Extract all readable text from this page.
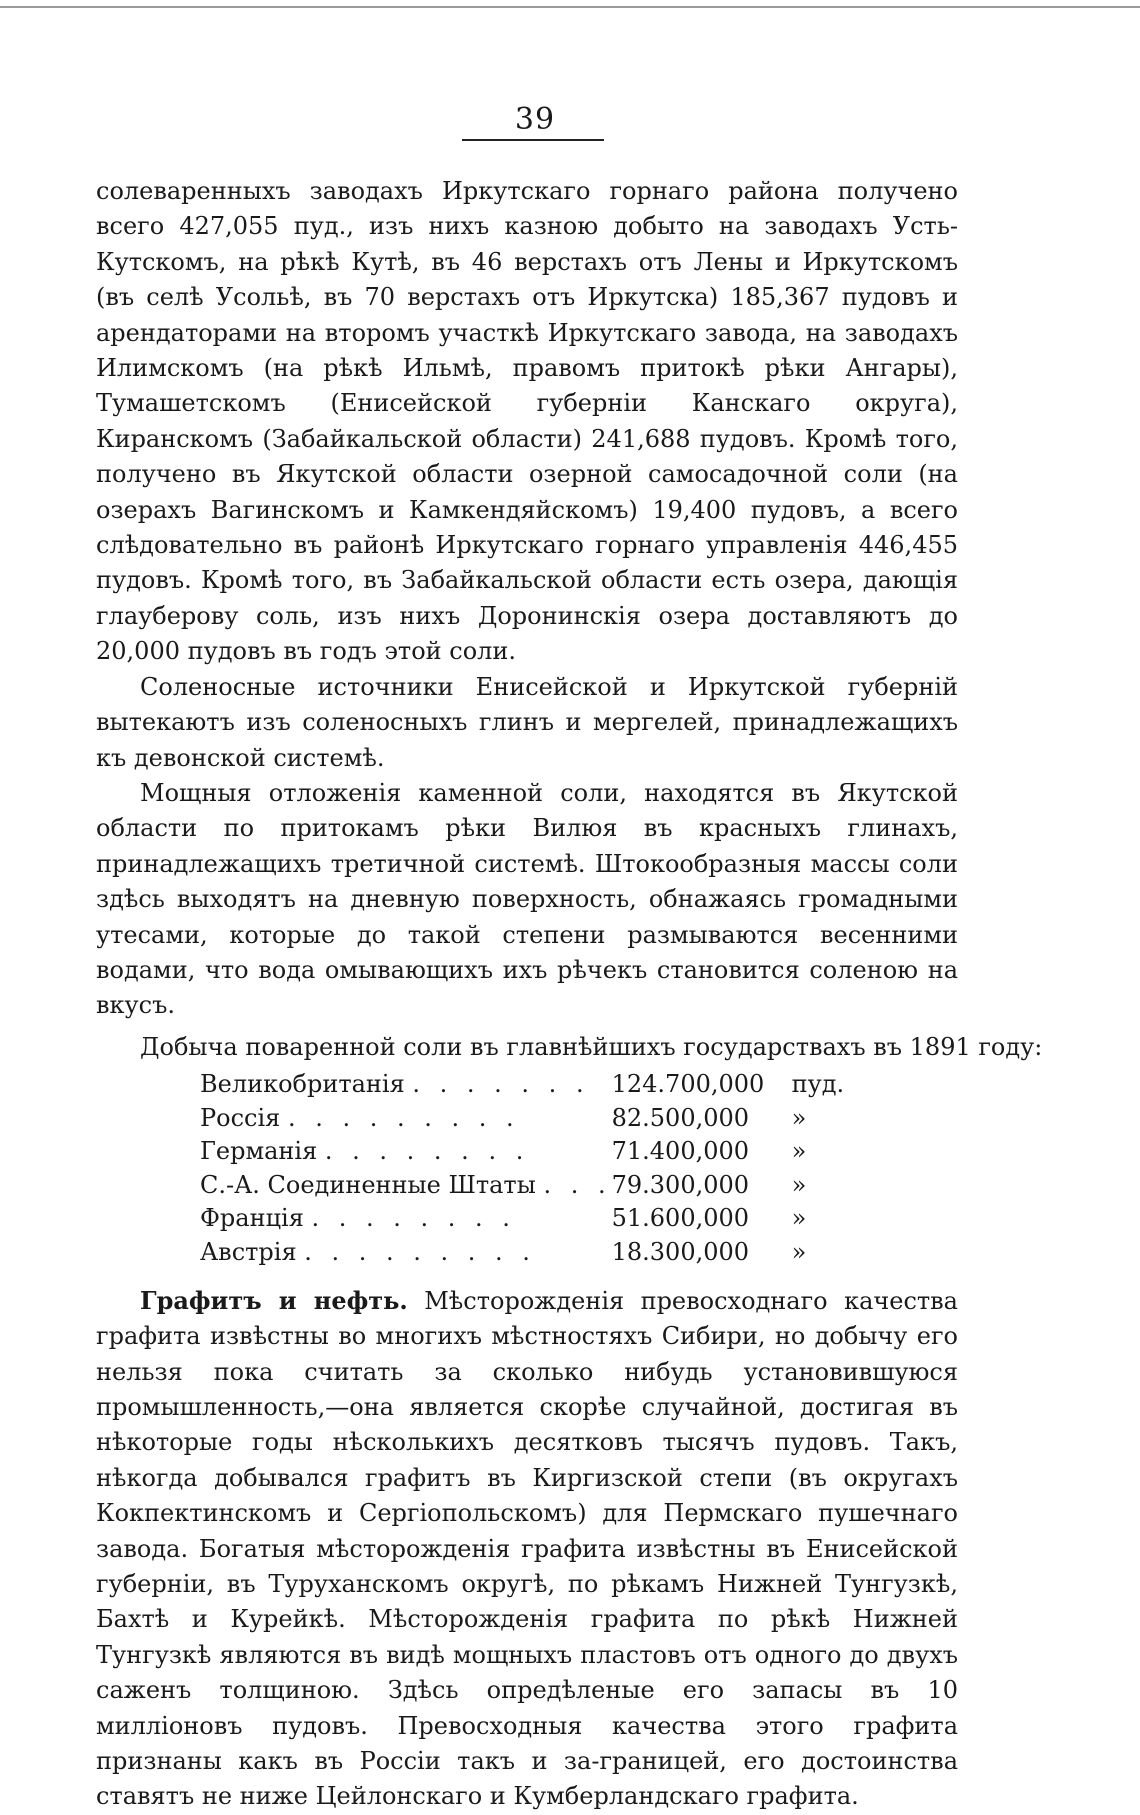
39

солеваренныхъ заводахъ Иркутскаго горнаго района получено всего 427,055 пуд., изъ нихъ казною добыто на заводахъ Усть-Кутскомъ, на рѣкѣ Кутѣ, въ 46 верстахъ отъ Лены и Иркутскомъ (въ селѣ Усольѣ, въ 70 верстахъ отъ Иркутска) 185,367 пудовъ и арендаторами на второмъ участкѣ Иркутскаго завода, на заводахъ Илимскомъ (на рѣкѣ Ильмѣ, правомъ притокѣ рѣки Ангары), Тумашетскомъ (Енисейской губерніи Канскаго округа), Киранскомъ (Забайкальской области) 241,688 пудовъ. Кромѣ того, получено въ Якутской области озерной самосадочной соли (на озерахъ Вагинскомъ и Камкендяйскомъ) 19,400 пудовъ, а всего слѣдовательно въ районѣ Иркутскаго горнаго управленія 446,455 пудовъ. Кромѣ того, въ Забайкальской области есть озера, дающія глауберову соль, изъ нихъ Доронинскія озера доставляютъ до 20,000 пудовъ въ годъ этой соли.

Соленосные источники Енисейской и Иркутской губерній вытекаютъ изъ соленосныхъ глинъ и мергелей, принадлежащихъ къ девонской системѣ.

Мощныя отложенія каменной соли, находятся въ Якутской области по притокамъ рѣки Вилюя въ красныхъ глинахъ, принадлежащихъ третичной системѣ. Штокообразныя массы соли здѣсь выходятъ на дневную поверхность, обнажаясь громадными утесами, которые до такой степени размываются весенними водами, что вода омывающихъ ихъ рѣчекъ становится соленою на вкусъ.

Добыча поваренной соли въ главнѣйшихъ государствахъ въ 1891 году:
Великобританія . . . . . . .	124.700,000	пуд.
Россія . . . . . . . . .	82.500,000	»
Германія . . . . . . . .	71.400,000	»
С.-А. Соединенные Штаты . . .	79.300,000	»
Франція . . . . . . . .	51.600,000	»
Австрія . . . . . . . . .	18.300,000	»

Графитъ и нефть. Мѣсторожденія превосходнаго качества графита извѣстны во многихъ мѣстностяхъ Сибири, но добычу его нельзя пока считать за сколько нибудь установившуюся промышленность,—она является скорѣе случайной, достигая въ нѣкоторые годы нѣсколькихъ десятковъ тысячъ пудовъ. Такъ, нѣкогда добывался графитъ въ Киргизской степи (въ округахъ Кокпектинскомъ и Сергіопольскомъ) для Пермскаго пушечнаго завода. Богатыя мѣсторожденія графита извѣстны въ Енисейской губерніи, въ Туруханскомъ округѣ, по рѣкамъ Нижней Тунгузкѣ, Бахтѣ и Курейкѣ. Мѣсторожденія графита по рѣкѣ Нижней Тунгузкѣ являются въ видѣ мощныхъ пластовъ отъ одного до двухъ саженъ толщиною. Здѣсь опредѣленые его запасы въ 10 милліоновъ пудовъ. Превосходныя качества этого графита признаны какъ въ Россіи такъ и за-границей, его достоинства ставятъ не ниже Цейлонскаго и Кумберландскаго графита.
